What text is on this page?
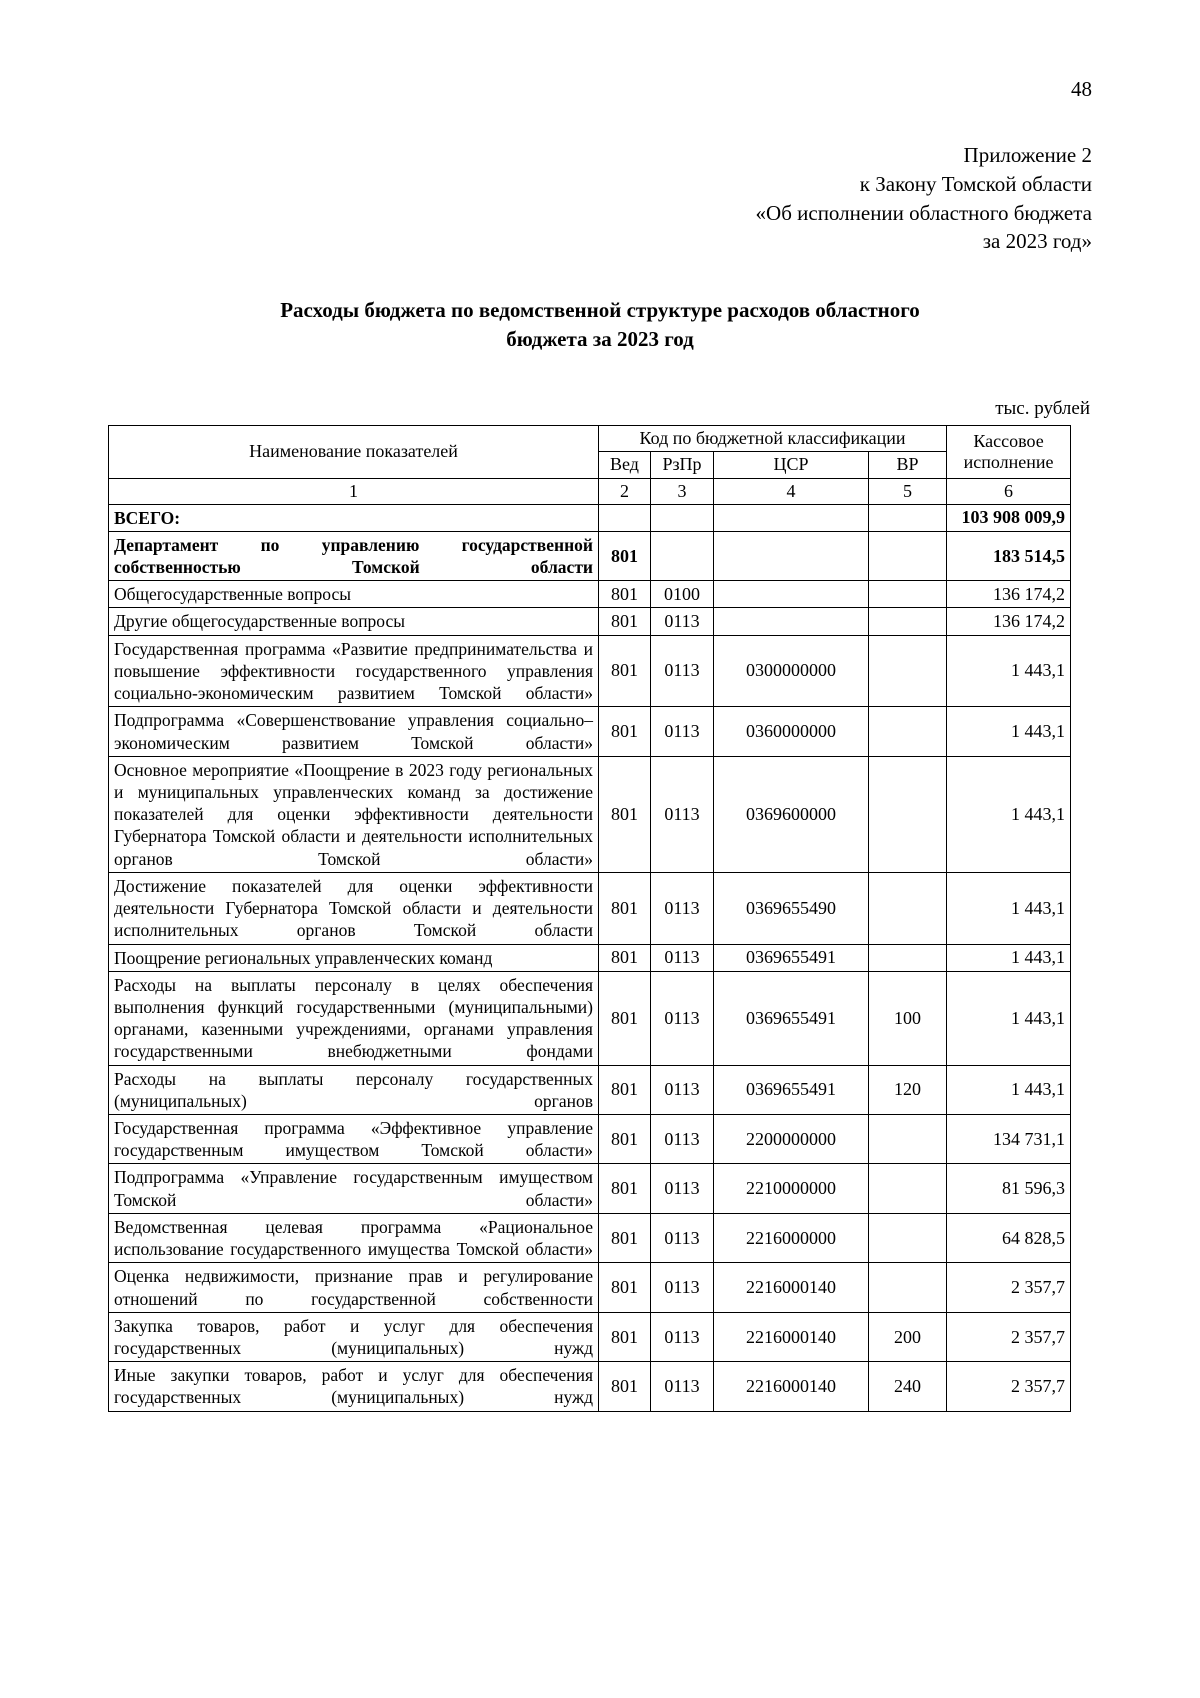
48
Приложение 2
к Закону Томской области
«Об исполнении областного бюджета
за 2023 год»
Расходы бюджета по ведомственной структуре расходов областного
бюджета за 2023 год
тыс. рублей
Наименование показателей	Код по бюджетной классификации				Кассовое
исполнение
	Вед	РзПр	ЦСР	ВР	
1	2	3	4	5	6
ВСЕГО:					103 908 009,9
Департамент по управлению государственной собственностью Томской области	801				183 514,5
Общегосударственные вопросы	801	0100			136 174,2
Другие общегосударственные вопросы	801	0113			136 174,2
Государственная программа «Развитие предпринимательства и повышение эффективности государственного управления социально-экономическим развитием Томской области»	801	0113	0300000000		1 443,1
Подпрограмма «Совершенствование управления социально–экономическим развитием Томской области»	801	0113	0360000000		1 443,1
Основное мероприятие «Поощрение в 2023 году региональных и муниципальных управленческих команд за достижение показателей для оценки эффективности деятельности Губернатора Томской области и деятельности исполнительных органов Томской области»	801	0113	0369600000		1 443,1
Достижение показателей для оценки эффективности деятельности Губернатора Томской области и деятельности исполнительных органов Томской области	801	0113	0369655490		1 443,1
Поощрение региональных управленческих команд	801	0113	0369655491		1 443,1
Расходы на выплаты персоналу в целях обеспечения выполнения функций государственными (муниципальными) органами, казенными учреждениями, органами управления государственными внебюджетными фондами	801	0113	0369655491	100	1 443,1
Расходы на выплаты персоналу государственных (муниципальных) органов	801	0113	0369655491	120	1 443,1
Государственная программа «Эффективное управление государственным имуществом Томской области»	801	0113	2200000000		134 731,1
Подпрограмма «Управление государственным имуществом Томской области»	801	0113	2210000000		81 596,3
Ведомственная целевая программа «Рациональное использование государственного имущества Томской области»	801	0113	2216000000		64 828,5
Оценка недвижимости, признание прав и регулирование отношений по государственной собственности	801	0113	2216000140		2 357,7
Закупка товаров, работ и услуг для обеспечения государственных (муниципальных) нужд	801	0113	2216000140	200	2 357,7
Иные закупки товаров, работ и услуг для обеспечения государственных (муниципальных) нужд	801	0113	2216000140	240	2 357,7
